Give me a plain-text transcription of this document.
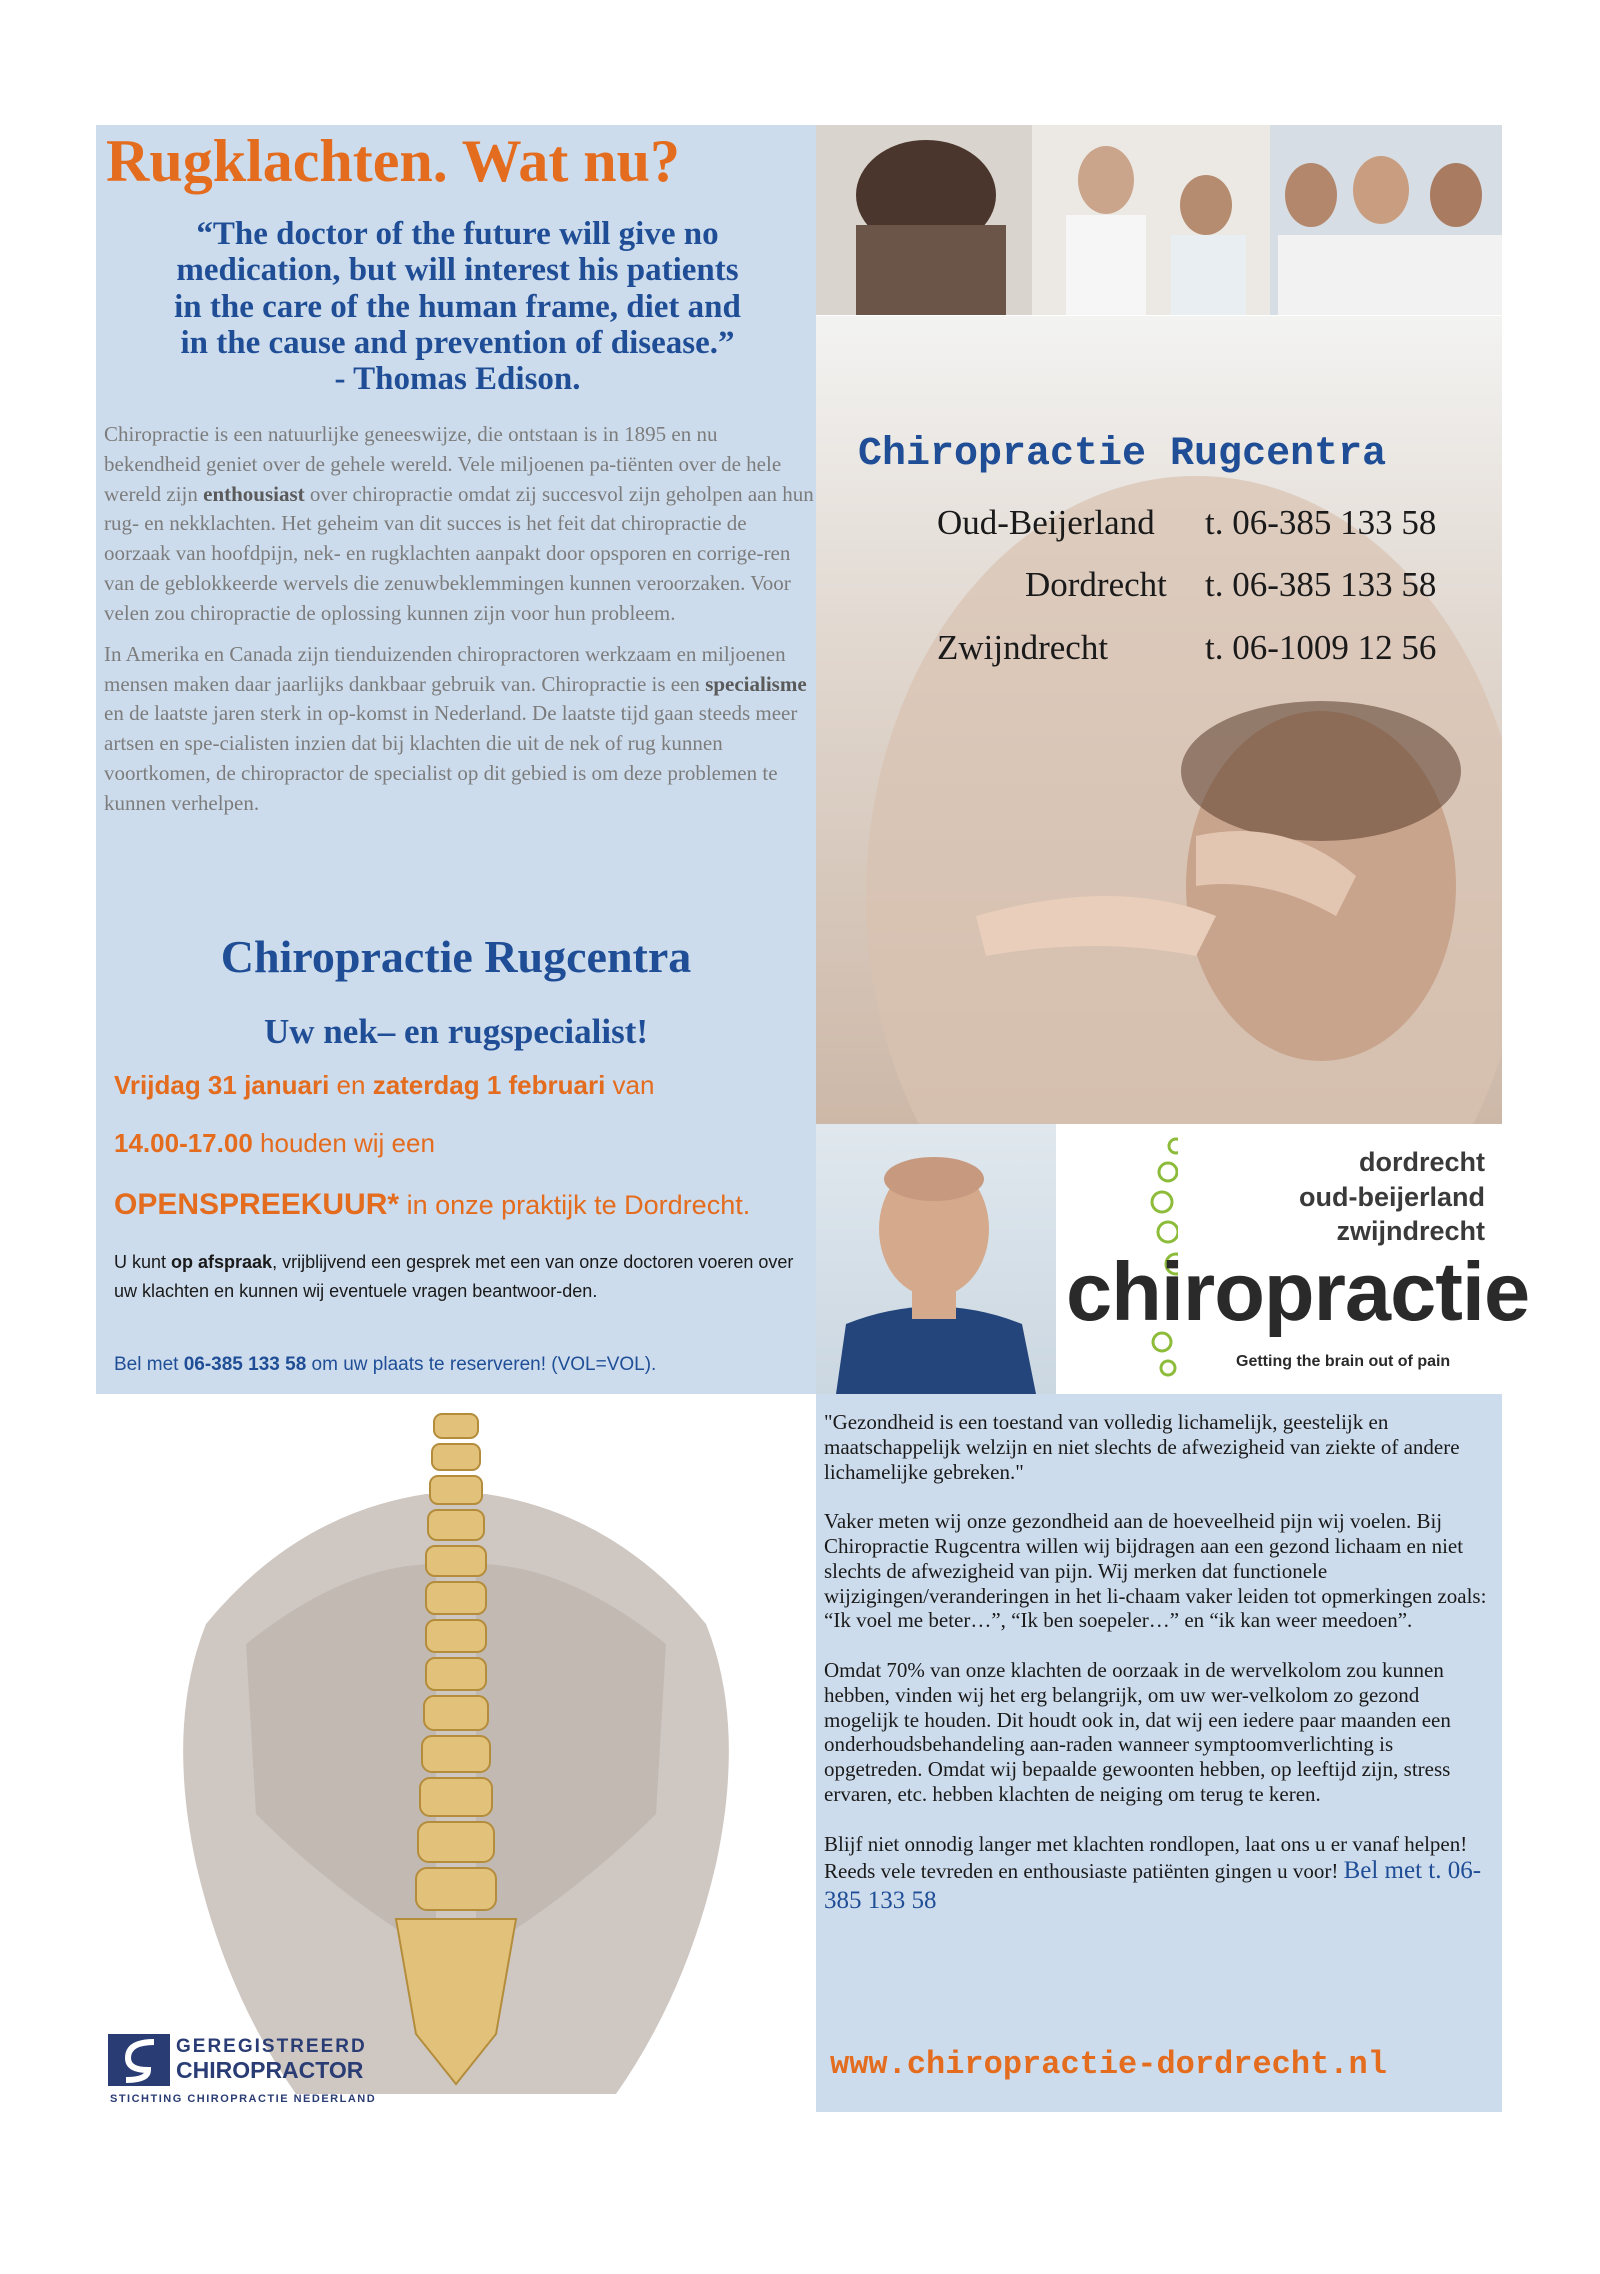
Rugklachten. Wat nu?
“The doctor of the future will give no
medication, but will interest his patients
in the care of the human frame, diet and
in the cause and prevention of disease.”
- Thomas Edison.

Chiropractie is een natuurlijke geneeswijze, die ontstaan is in 1895 en nu bekendheid geniet over de gehele wereld. Vele miljoenen pa-tiënten over de hele wereld zijn enthousiast over chiropractie omdat zij succesvol zijn geholpen aan hun rug- en nekklachten. Het geheim van dit succes is het feit dat chiropractie de oorzaak van hoofdpijn, nek- en rugklachten aanpakt door opsporen en corrige-ren van de geblokkeerde wervels die zenuwbeklemmingen kunnen veroorzaken. Voor velen zou chiropractie de oplossing kunnen zijn voor hun probleem.

In Amerika en Canada zijn tienduizenden chiropractoren werkzaam en miljoenen mensen maken daar jaarlijks dankbaar gebruik van. Chiropractie is een specialisme en de laatste jaren sterk in op-komst in Nederland. De laatste tijd gaan steeds meer artsen en spe-cialisten inzien dat bij klachten die uit de nek of rug kunnen voortkomen, de chiropractor de specialist op dit gebied is om deze problemen te kunnen verhelpen.

Chiropractie Rugcentra
Uw nek– en rugspecialist!
Vrijdag 31 januari en zaterdag 1 februari van
14.00-17.00 houden wij een
OPENSPREEKUUR* in onze praktijk te Dordrecht.
U kunt op afspraak, vrijblijvend een gesprek met een van onze doctoren voeren over uw klachten en kunnen wij eventuele vragen beantwoor-den.
Bel met 06-385 133 58 om uw plaats te reserveren! (VOL=VOL).
Chiropractie Rugcentra
Oud-Beijerland t. 06-385 133 58
Dordrecht t. 06-385 133 58
Zwijndrecht	t. 06-1009 12 56
dordrecht
oud-beijerland
zwijndrecht
chiropractie
Getting the brain out of pain
GEREGISTREERD
CHIROPRACTOR
STICHTING CHIROPRACTIE NEDERLAND

"Gezondheid is een toestand van volledig lichamelijk, geestelijk en maatschappelijk welzijn en niet slechts de afwezigheid van ziekte of andere lichamelijke gebreken."

Vaker meten wij onze gezondheid aan de hoeveelheid pijn wij voelen. Bij Chiropractie Rugcentra willen wij bijdragen aan een gezond lichaam en niet slechts de afwezigheid van pijn. Wij merken dat functionele wijzigingen/veranderingen in het li-chaam vaker leiden tot opmerkingen zoals: “Ik voel me beter…”, “Ik ben soepeler…” en “ik kan weer meedoen”.

Omdat 70% van onze klachten de oorzaak in de wervelkolom zou kunnen hebben, vinden wij het erg belangrijk, om uw wer-velkolom zo gezond mogelijk te houden. Dit houdt ook in, dat wij een iedere paar maanden een onderhoudsbehandeling aan-raden wanneer symptoomverlichting is opgetreden. Omdat wij bepaalde gewoonten hebben, op leeftijd zijn, stress ervaren, etc. hebben klachten de neiging om terug te keren.

Blijf niet onnodig langer met klachten rondlopen, laat ons u er vanaf helpen! Reeds vele tevreden en enthousiaste patiënten gingen u voor! Bel met t. 06-385 133 58

www.chiropractie-dordrecht.nl
